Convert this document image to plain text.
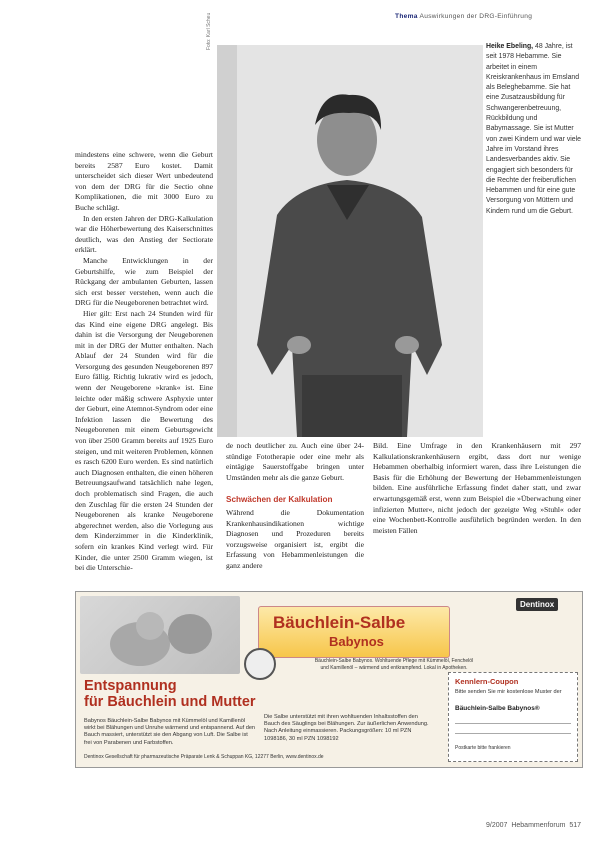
Thema Auswirkungen der DRG-Einführung
Foto: Karl Scheu	Heike Ebeling, 48 Jahre, ist seit 1978 Hebamme. Sie arbeitet in einem Kreiskrankenhaus im Emsland als Beleghebamme. Sie hat eine Zusatzausbildung für Schwangerenbetreuung, Rückbildung und Babymassage. Sie ist Mutter von zwei Kindern und war viele Jahre im Vorstand ihres Landesverbandes aktiv. Sie engagiert sich besonders für die Rechte der freiberuflichen Hebammen und für eine gute Versorgung von Müttern und Kindern rund um die Geburt.

mindestens eine schwere, wenn die Geburt bereits 2587 Euro kostet. Damit unterscheidet sich dieser Wert unbedeutend von dem der DRG für die Sectio ohne Komplikationen, die mit 3000 Euro zu Buche schlägt.

In den ersten Jahren der DRG-Kalkulation war die Höherbewertung des Kaiserschnittes deutlich, was den Anstieg der Sectiorate erklärt.

Manche Entwicklungen in der Geburtshilfe, wie zum Beispiel der Rückgang der ambulanten Geburten, lassen sich erst besser verstehen, wenn auch die DRG für die Neugeborenen betrachtet wird.

Hier gilt: Erst nach 24 Stunden wird für das Kind eine eigene DRG angelegt. Bis dahin ist die Versorgung der Neugeborenen mit in der DRG der Mutter enthalten. Nach Ablauf der 24 Stunden wird für die Versorgung des gesunden Neugeborenen 897 Euro fällig. Richtig lukrativ wird es jedoch, wenn der Neugeborene »krank« ist. Eine leichte oder mäßig schwere Asphyxie unter der Geburt, eine Atemnot-Syndrom oder eine Infektion lassen die Bewertung des Neugeborenen mit einem Geburtsgewicht von über 2500 Gramm bereits auf 1925 Euro steigen, und mit weiteren Problemen, können es rasch 6200 Euro werden. Es sind natürlich auch Diagnosen enthalten, die einen höheren Betreuungsaufwand tatsächlich nahe legen, doch problematisch sind Fragen, die auch den Zuschlag für die ersten 24 Stunden der Neugeborenen als kranke Neugeborene abgerechnet werden, also die Vorlegung aus dem Kinderzimmer in die Kinderklinik, sofern ein krankes Kind verlegt wird. Für Kinder, die unter 2500 Gramm wiegen, ist bei die Unterschie-

de noch deutlicher zu. Auch eine über 24-stündige Fototherapie oder eine mehr als eintägige Sauerstoffgabe bringen unter Umständen mehr als die ganze Geburt.

Schwächen der Kalkulation

Während die Dokumentation Krankenhausindikationen wichtige Diagnosen und Prozeduren bereits vorzugsweise organisiert ist, ergibt die Erfassung von Hebammenleistungen die ganz andere

Bild. Eine Umfrage in den Krankenhäusern mit 297 Kalkulationskrankenhäusern ergibt, dass dort nur wenige Hebammen oberhalbig informiert waren, dass ihre Leistungen die Basis für die Erhöhung der Bewertung der Hebammenleistungen bilden. Eine ausführliche Erfassung findet daher statt, und zwar erwartungsgemäß erst, wenn zum Beispiel die »Überwachung einer infizierten Mutter«, nicht jedoch der gezeigte Weg »Stuhl« oder eine Wochenbett-Kontrolle ausführlich begründen werden. In den meisten Fällen

Bäuchlein-Salbe
Babynos
Dentinox
Bäuchlein-Salbe Babynos. Wohltuende Pflege mit Kümmelöl, Fenchelöl und Kamillenöl – wärmend und entkrampfend. Lokal in Apotheken.
Entspannung
für Bäuchlein und Mutter
Babynos Bäuchlein-Salbe Babynos mit Kümmelöl und Kamillenöl wirkt bei Blähungen und Unruhe wärmend und entspannend. Auf den Bauch massiert, unterstützt sie den Abgang von Luft. Die Salbe ist frei von Parabenen und Farbstoffen.
Die Salbe unterstützt mit ihren wohltuenden Inhaltsstoffen den Bauch des Säuglings bei Blähungen. Zur äußerlichen Anwendung. Nach Anleitung einmassieren. Packungsgrößen: 10 ml PZN 1098186, 30 ml PZN 1098192
Dentinox Gesellschaft für pharmazeutische Präparate Lenk & Schuppan KG, 12277 Berlin, www.dentinox.de
Kennlern-Coupon
Bitte senden Sie mir kostenlose Muster der
Bäuchlein-Salbe Babynos®
Postkarte bitte frankieren
9/2007 Hebammenforum 517
